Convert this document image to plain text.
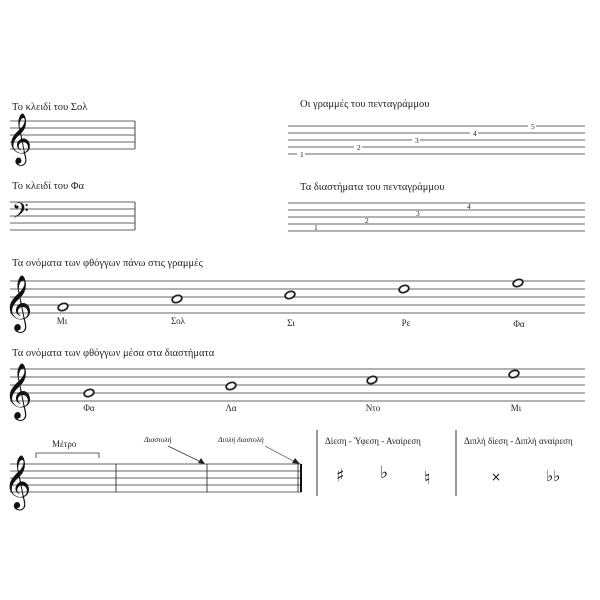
Το κλειδί του Σολ
𝄞
Το κλειδί του Φα
𝄢
Οι γραμμές του πενταγράμμου
1
2
3
4
5
Τα διαστήματα του πενταγράμμου
1
2
3
4
Τα ονόματα των φθόγγων πάνω στις γραμμές
𝄞	Μι	Σολ	Σι	Ρε	Φα
Τα ονόματα των φθόγγων μέσα στα διαστήματα
𝄞	Φα	Λα	Ντο	Μι
Μέτρο	Διαστολή	Διπλή διαστολή
𝄞
Δίεση - Ύφεση - Αναίρεση
♯ ♭ ♮
Διπλή δίεση - Διπλή αναίρεση
×	♭♭
